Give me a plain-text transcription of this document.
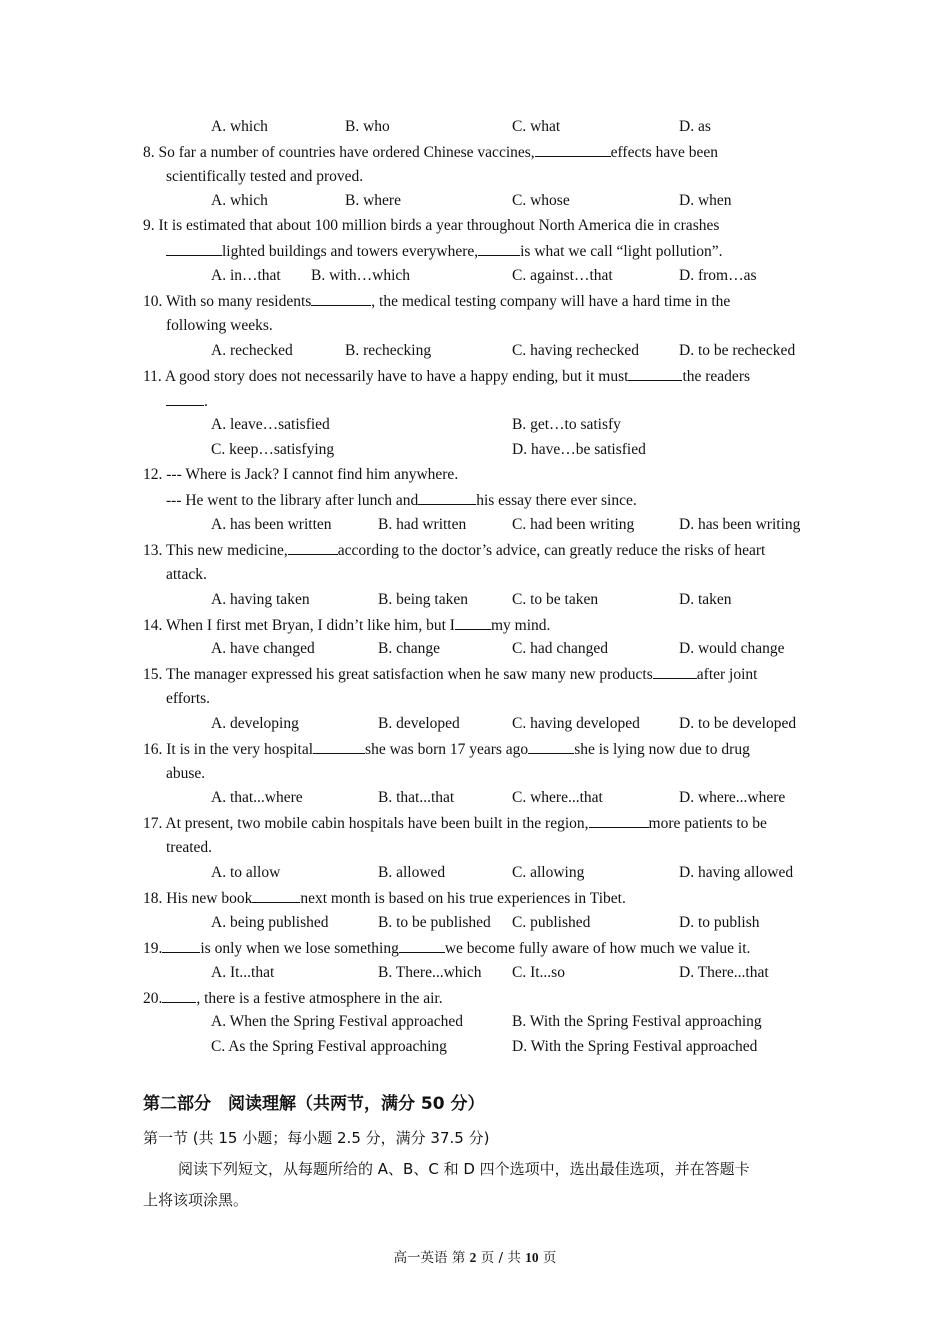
A. which	B. who	C. what	D. as
8. So far a number of countries have ordered Chinese vaccines,	effects have been
scientifically tested and proved.
A. which	B. where	C. whose	D. when
9. It is estimated that about 100 million birds a year throughout North America die in crashes
lighted buildings and towers everywhere,	is what we call “light pollution”.
A. in…that B. with…which	C. against…that	D. from…as
10. With so many residents	, the medical testing company will have a hard time in the
following weeks.
A. rechecked	B. rechecking	C. having rechecked	D. to be rechecked
11. A good story does not necessarily have to have a happy ending, but it must	the readers
.
A. leave…satisfied	B. get…to satisfy
C. keep…satisfying	D. have…be satisfied
12. --- Where is Jack? I cannot find him anywhere.
--- He went to the library after lunch and	his essay there ever since.
A. has been written	B. had written	C. had been writing	D. has been writing
13. This new medicine,	according to the doctor’s advice, can greatly reduce the risks of heart
attack.
A. having taken	B. being taken	C. to be taken	D. taken
14. When I first met Bryan, I didn’t like him, but I my mind.
A. have changed	B. change	C. had changed	D. would change
15. The manager expressed his great satisfaction when he saw many new products	after joint
efforts.
A. developing	B. developed	C. having developed	D. to be developed
16. It is in the very hospital	she was born 17 years ago	she is lying now due to drug
abuse.
A. that...where	B. that...that	C. where...that	D. where...where
17. At present, two mobile cabin hospitals have been built in the region,	more patients to be
treated.
A. to allow	B. allowed	C. allowing	D. having allowed
18. His new book	next month is based on his true experiences in Tibet.
A. being published	B. to be published C. published	D. to publish
19. is only when we lose something	we become fully aware of how much we value it.
A. It...that	B. There...which C. It...so	D. There...that
20. , there is a festive atmosphere in the air.
A. When the Spring Festival approached	B. With the Spring Festival approaching
C. As the Spring Festival approaching	D. With the Spring Festival approached
第二部分　阅读理解（共两节，满分 50 分）
第一节 (共 15 小题；每小题 2.5 分，满分 37.5 分)
阅读下列短文，从每题所给的 A、B、C 和 D 四个选项中，选出最佳选项，并在答题卡
上将该项涂黑。
高一英语 第 2 页 / 共 10 页
